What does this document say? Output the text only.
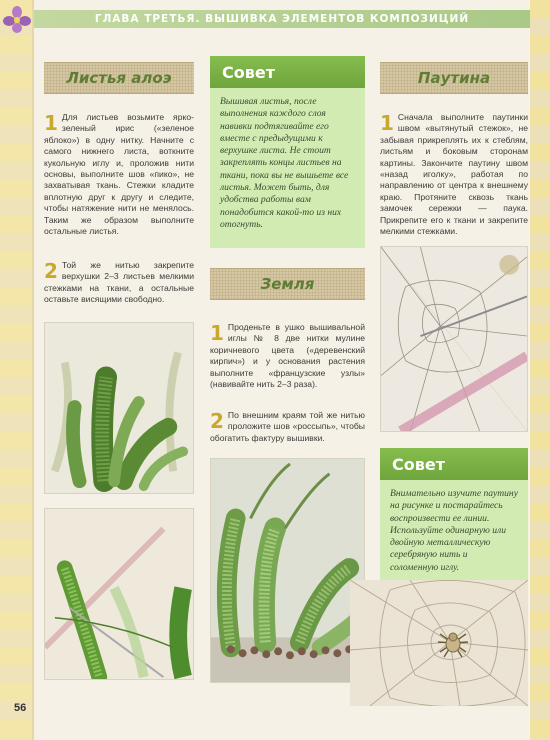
ГЛАВА ТРЕТЬЯ. ВЫШИВКА ЭЛЕМЕНТОВ КОМПОЗИЦИЙ
Листья алоэ
1 Для листьев возьмите ярко-зеленый ирис («зеленое яблоко») в одну нитку. Начните с самого нижнего листа, воткните кукольную иглу и, проложив нити основы, выполните шов «пико», не захватывая ткань. Стежки кладите вплотную друг к другу и следите, чтобы натяжение нити не менялось. Таким же образом выполните остальные листья.
2 Той же нитью закрепите верхушки 2–3 листьев мелкими стежками на ткани, а остальные оставьте висящими свободно.
Совет

Вышивая листья, после выполнения каждого слоя навивки подтягивайте его вместе с предыдущими к верхушке листа. Не стоит закреплять концы листьев на ткани, пока вы не вышьете все листья. Может быть, для удобства работы вам понадобится какой-то из них отогнуть.

Земля
1 Проденьте в ушко вышивальной иглы № 8 две нитки мулине коричневого цвета («деревенский кирпич») и у основания растения выполните «французские узлы» (навивайте нить 2–3 раза).
2 По внешним краям той же нитью проложите шов «россыпь», чтобы обогатить фактуру вышивки.
Паутина
1 Сначала выполните паутинки швом «вытянутый стежок», не забывая прикреплять их к стеблям, листьям и боковым сторонам картины. Закончите паутину швом «назад иголку», работая по направлению от центра к внешнему краю. Протяните сквозь ткань замочек сережки — паука. Прикрепите его к ткани и закрепите мелкими стежками.
Совет

Внимательно изучите паутину на рисунке и постарайтесь воспроизвести ее линии. Используйте одинарную или двойную металлическую серебряную нить и соломенную иглу.

56
